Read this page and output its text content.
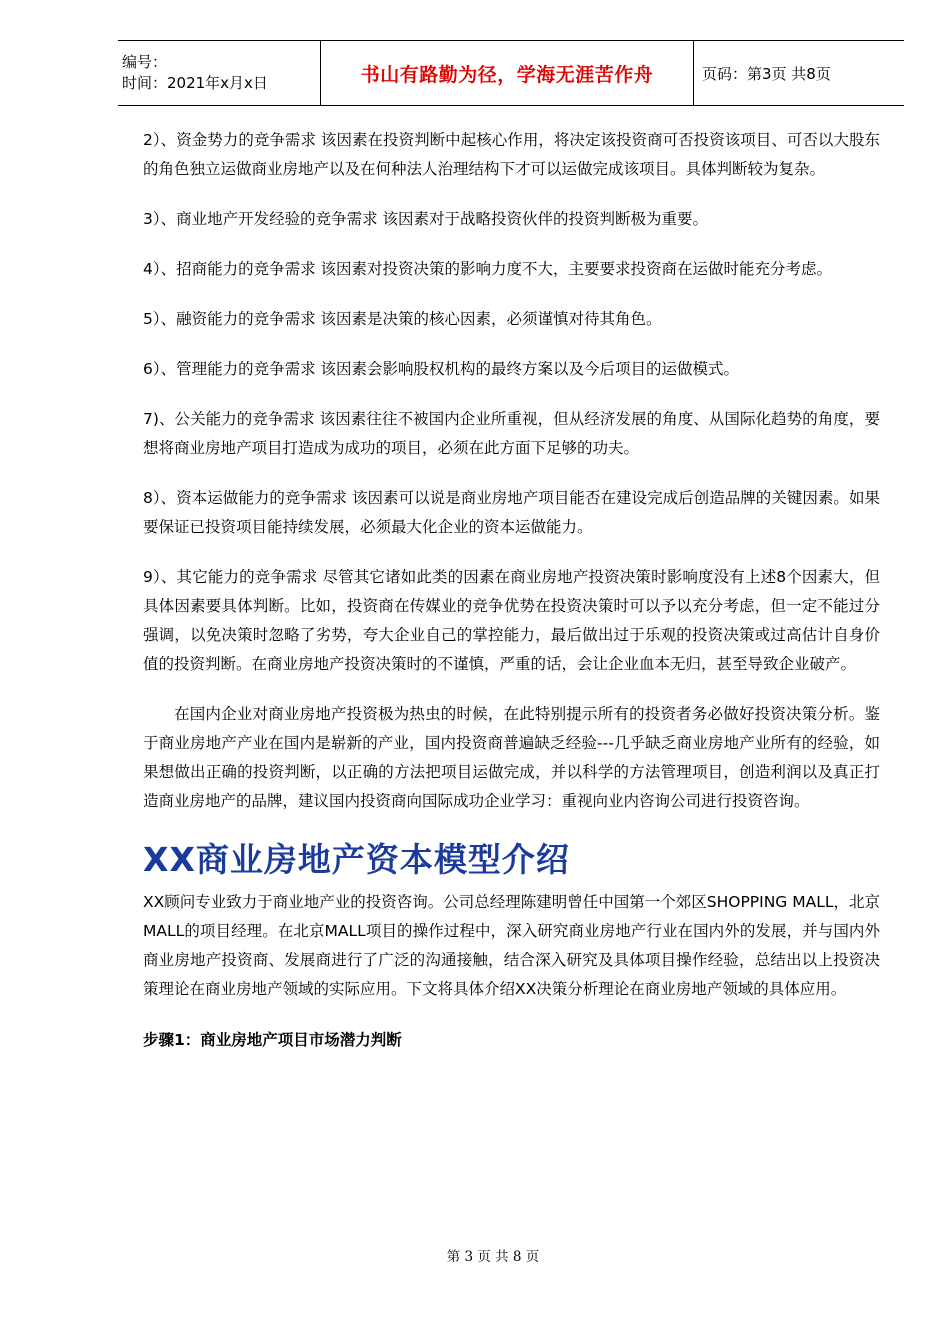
编号：
时间：2021年x月x日	书山有路勤为径，学海无涯苦作舟	页码：第3页 共8页

2）、资金势力的竞争需求 该因素在投资判断中起核心作用，将决定该投资商可否投资该项目、可否以大股东的角色独立运做商业房地产以及在何种法人治理结构下才可以运做完成该项目。具体判断较为复杂。

3）、商业地产开发经验的竞争需求 该因素对于战略投资伙伴的投资判断极为重要。

4）、招商能力的竞争需求 该因素对投资决策的影响力度不大，主要要求投资商在运做时能充分考虑。

5）、融资能力的竞争需求 该因素是决策的核心因素，必须谨慎对待其角色。

6）、管理能力的竞争需求 该因素会影响股权机构的最终方案以及今后项目的运做模式。

7)、公关能力的竞争需求 该因素往往不被国内企业所重视，但从经济发展的角度、从国际化趋势的角度，要想将商业房地产项目打造成为成功的项目，必须在此方面下足够的功夫。

8）、资本运做能力的竞争需求 该因素可以说是商业房地产项目能否在建设完成后创造品牌的关键因素。如果要保证已投资项目能持续发展，必须最大化企业的资本运做能力。

9）、其它能力的竞争需求 尽管其它诸如此类的因素在商业房地产投资决策时影响度没有上述8个因素大，但具体因素要具体判断。比如，投资商在传媒业的竞争优势在投资决策时可以予以充分考虑，但一定不能过分强调，以免决策时忽略了劣势，夸大企业自己的掌控能力，最后做出过于乐观的投资决策或过高估计自身价值的投资判断。在商业房地产投资决策时的不谨慎，严重的话，会让企业血本无归，甚至导致企业破产。

在国内企业对商业房地产投资极为热虫的时候，在此特别提示所有的投资者务必做好投资决策分析。鉴于商业房地产产业在国内是崭新的产业，国内投资商普遍缺乏经验---几乎缺乏商业房地产业所有的经验，如果想做出正确的投资判断，以正确的方法把项目运做完成，并以科学的方法管理项目，创造利润以及真正打造商业房地产的品牌，建议国内投资商向国际成功企业学习：重视向业内咨询公司进行投资咨询。

XX商业房地产资本模型介绍

XX顾问专业致力于商业地产业的投资咨询。公司总经理陈建明曾任中国第一个郊区SHOPPING MALL，北京MALL的项目经理。在北京MALL项目的操作过程中，深入研究商业房地产行业在国内外的发展，并与国内外商业房地产投资商、发展商进行了广泛的沟通接触，结合深入研究及具体项目操作经验，总结出以上投资决策理论在商业房地产领域的实际应用。下文将具体介绍XX决策分析理论在商业房地产领域的具体应用。

步骤1：商业房地产项目市场潜力判断
第 3 页 共 8 页
